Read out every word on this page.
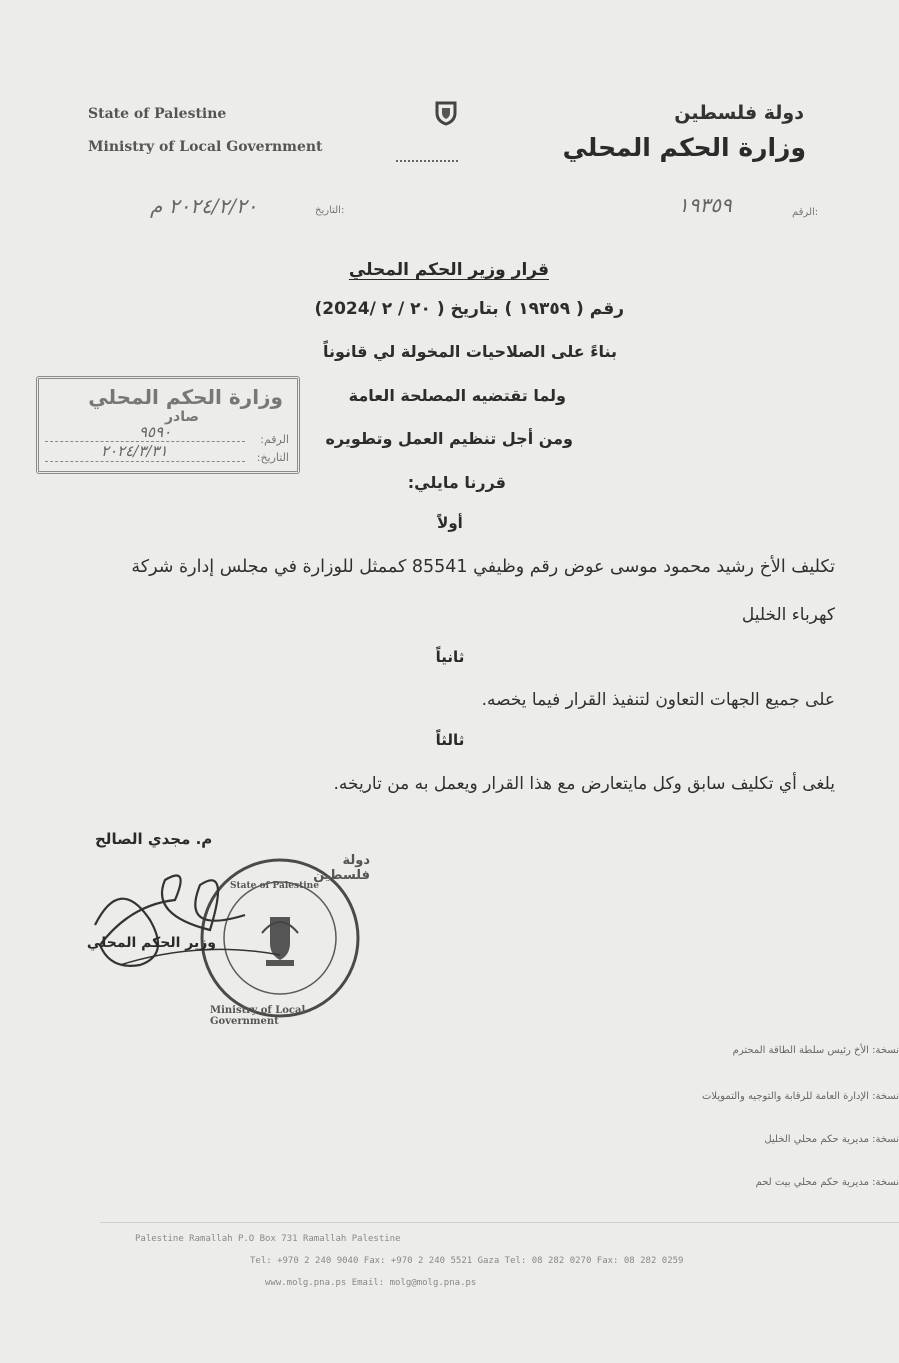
State of Palestine
Ministry of Local Government
دولة فلسطين
وزارة الحكم المحلي
التاريخ:
٢٠٢٤/٢/٢٠ م	الرقم:
١٩٣٥٩
وزارة الحكم المحلي
صادر
الرقم:
٩٥٩٠
التاريخ:
٢٠٢٤/٣/٣١
قرار وزير الحكم المحلي
رقم ( ١٩٣٥٩ ) بتاريخ ( ٢٠ / ٢ /2024)
بناءً على الصلاحيات المخولة لي قانوناً
ولما تقتضيه المصلحة العامة
ومن أجل تنظيم العمل وتطويره
قررنا مايلي:
أولاً
تكليف الأخ رشيد محمود موسى عوض رقم وظيفي 85541 كممثل للوزارة في مجلس إدارة شركة
كهرباء الخليل
ثانياً
على جميع الجهات التعاون لتنفيذ القرار فيما يخصه.
ثالثاً
يلغى أي تكليف سابق وكل مايتعارض مع هذا القرار ويعمل به من تاريخه.
م. مجدي الصالح
وزير الحكم المحلي
دولة فلسطين
State of Palestine
Ministry of Local Government
نسخة: الأخ رئيس سلطة الطاقة المحترم
نسخة: الإدارة العامة للرقابة والتوجيه والتمويلات
نسخة: مديرية حكم محلي الخليل
نسخة: مديرية حكم محلي بيت لحم
Palestine Ramallah P.O Box 731 Ramallah Palestine
Tel: +970 2 240 9040 Fax: +970 2 240 5521 Gaza Tel: 08 282 0270 Fax: 08 282 0259
www.molg.pna.ps Email: molg@molg.pna.ps
